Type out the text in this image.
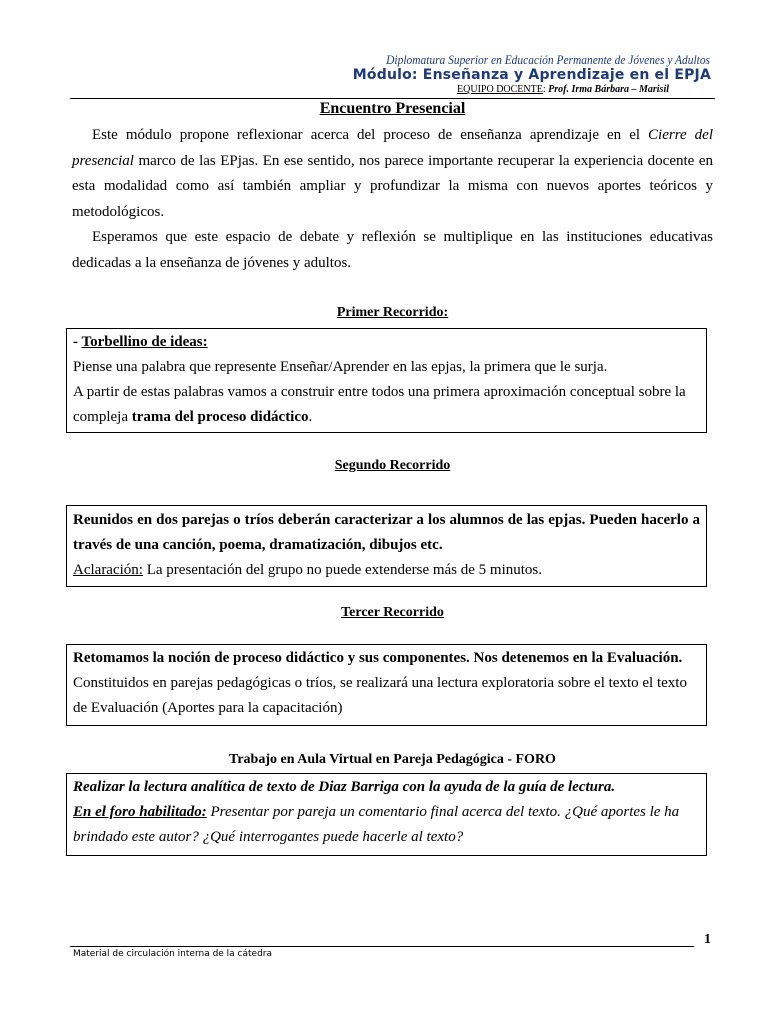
Diplomatura Superior en Educación Permanente de Jóvenes y Adultos
Módulo: Enseñanza y Aprendizaje en el EPJA
EQUIPO DOCENTE: Prof. Irma Bárbara – Marisil
Encuentro Presencial

Este módulo propone reflexionar acerca del proceso de enseñanza aprendizaje en el Cierre del presencial marco de las EPjas. En ese sentido, nos parece importante recuperar la experiencia docente en esta modalidad como así también ampliar y profundizar la misma con nuevos aportes teóricos y metodológicos.

Esperamos que este espacio de debate y reflexión se multiplique en las instituciones educativas dedicadas a la enseñanza de jóvenes y adultos.

Primer Recorrido:

- Torbellino de ideas:

Piense una palabra que represente Enseñar/Aprender en las epjas, la primera que le surja.

A partir de estas palabras vamos a construir entre todos una primera aproximación conceptual sobre la compleja trama del proceso didáctico.

Segundo Recorrido

Reunidos en dos parejas o tríos deberán caracterizar a los alumnos de las epjas. Pueden hacerlo a través de una canción, poema, dramatización, dibujos etc.

Aclaración: La presentación del grupo no puede extenderse más de 5 minutos.

Tercer Recorrido

Retomamos la noción de proceso didáctico y sus componentes. Nos detenemos en la Evaluación.

Constituidos en parejas pedagógicas o tríos, se realizará una lectura exploratoria sobre el texto el texto de Evaluación (Aportes para la capacitación)

Trabajo en Aula Virtual en Pareja Pedagógica - FORO

Realizar la lectura analítica de texto de Diaz Barriga con la ayuda de la guía de lectura.

En el foro habilitado: Presentar por pareja un comentario final acerca del texto. ¿Qué aportes le ha brindado este autor? ¿Qué interrogantes puede hacerle al texto?

1
Material de circulación interna de la cátedra
